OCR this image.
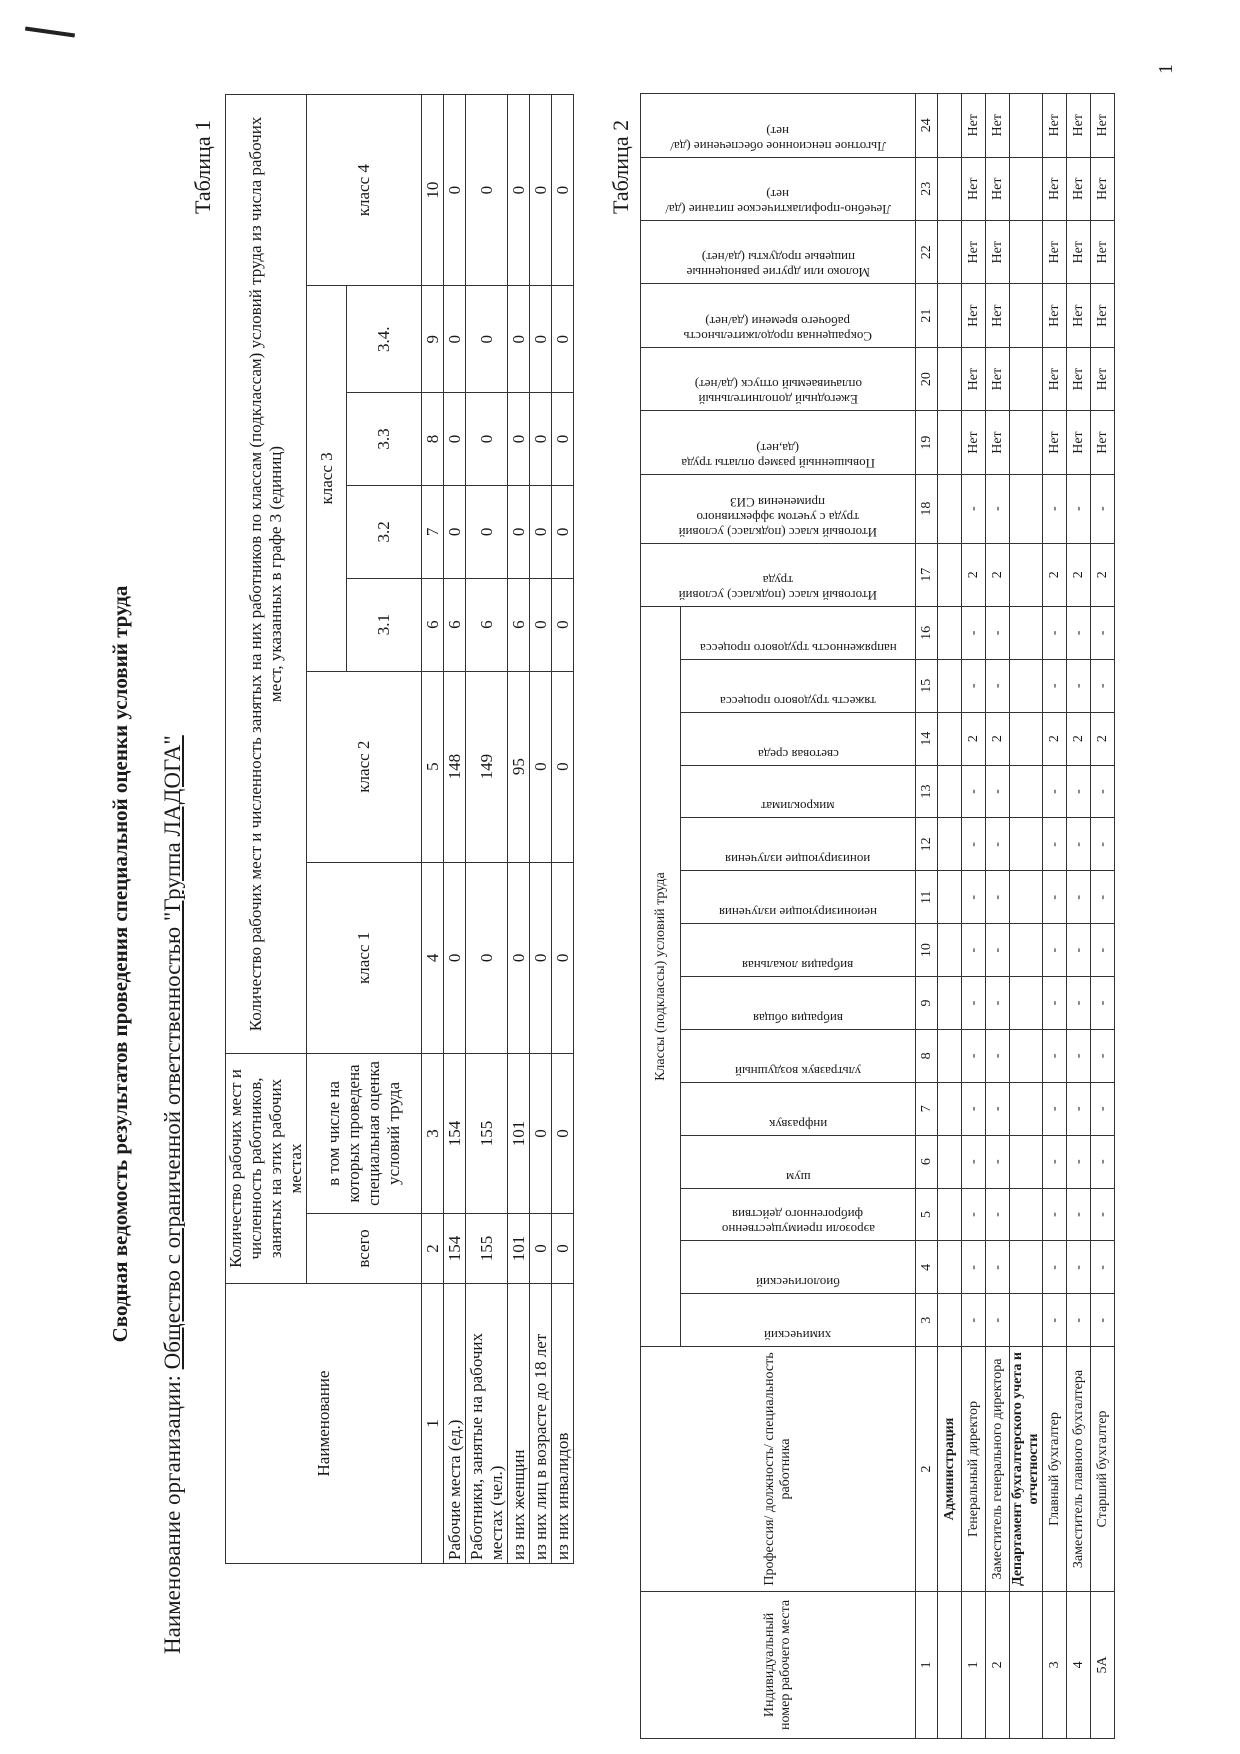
Сводная ведомость результатов проведения специальной оценки условий труда
Наименование организации: Общество с ограниченной ответственностью "Группа ЛАДОГА"
Таблица 1
Наименование	Количество рабочих мест и численность работников, занятых на этих рабочих местах		Количество рабочих мест и численность занятых на них работников по классам (подклассам) условий труда из числа рабочих мест, указанных в графе 3 (единиц)						
	всего	в том числе на которых проведена специальная оценка условий труда	класс 1	класс 2	класс 3				класс 4
					3.1	3.2	3.3	3.4.	
1	2	3	4	5	6	7	8	9	10
Рабочие места (ед.)	154	154	0	148	6	0	0	0	0
Работники, занятые на рабочих местах (чел.)	155	155	0	149	6	0	0	0	0
из них женщин	101	101	0	95	6	0	0	0	0
из них лиц в возрасте до 18 лет	0	0	0	0	0	0	0	0	0
из них инвалидов	0	0	0	0	0	0	0	0	0 Таблица 2
Индивидуальный номер рабочего места	Профессия/ должность/ специальность работника	Классы (подклассы) условий труда														Итоговый класс (подкласс) условий труда	Итоговый класс (подкласс) условий труда с учетом эффективного применения СИЗ	Повышенный размер оплаты труда (да,нет)	Ежегодный дополнительный оплачиваемый отпуск (да/нет)	Сокращенная продолжительность рабочего времени (да/нет)	Молоко или другие равноценные пищевые продукты (да/нет)	Лечебно-профилактическое питание (да/нет)	Льготное пенсионное обеспечение (да/нет)

		химический	биологический	аэрозоли преимущественно фиброгенного действия	шум	инфразвук	ультразвук воздушный	вибрация общая	вибрация локальная	неионизирующие излучения	ионизирующие излучения	микроклимат	световая среда	тяжесть трудового процесса	напряженность трудового процесса								

1	2	3	4	5	6	7	8	9	10	11	12	13	14	15	16	17	18	19	20	21	22	23	24
	Администрация																						
1	Генеральный директор	-	-	-	-	-	-	-	-	-	-	-	2	-	-	2	-	Нет	Нет	Нет	Нет	Нет	Нет
2	Заместитель генерального директора	-	-	-	-	-	-	-	-	-	-	-	2	-	-	2	-	Нет	Нет	Нет	Нет	Нет	Нет
	Департамент бухгалтерского учета и отчетности																						
3	Главный бухгалтер	-	-	-	-	-	-	-	-	-	-	-	2	-	-	2	-	Нет	Нет	Нет	Нет	Нет	Нет
4	Заместитель главного бухгалтера	-	-	-	-	-	-	-	-	-	-	-	2	-	-	2	-	Нет	Нет	Нет	Нет	Нет	Нет
5А	Старший бухгалтер	-	-	-	-	-	-	-	-	-	-	-	2	-	-	2	-	Нет	Нет	Нет	Нет	Нет	Нет
1
